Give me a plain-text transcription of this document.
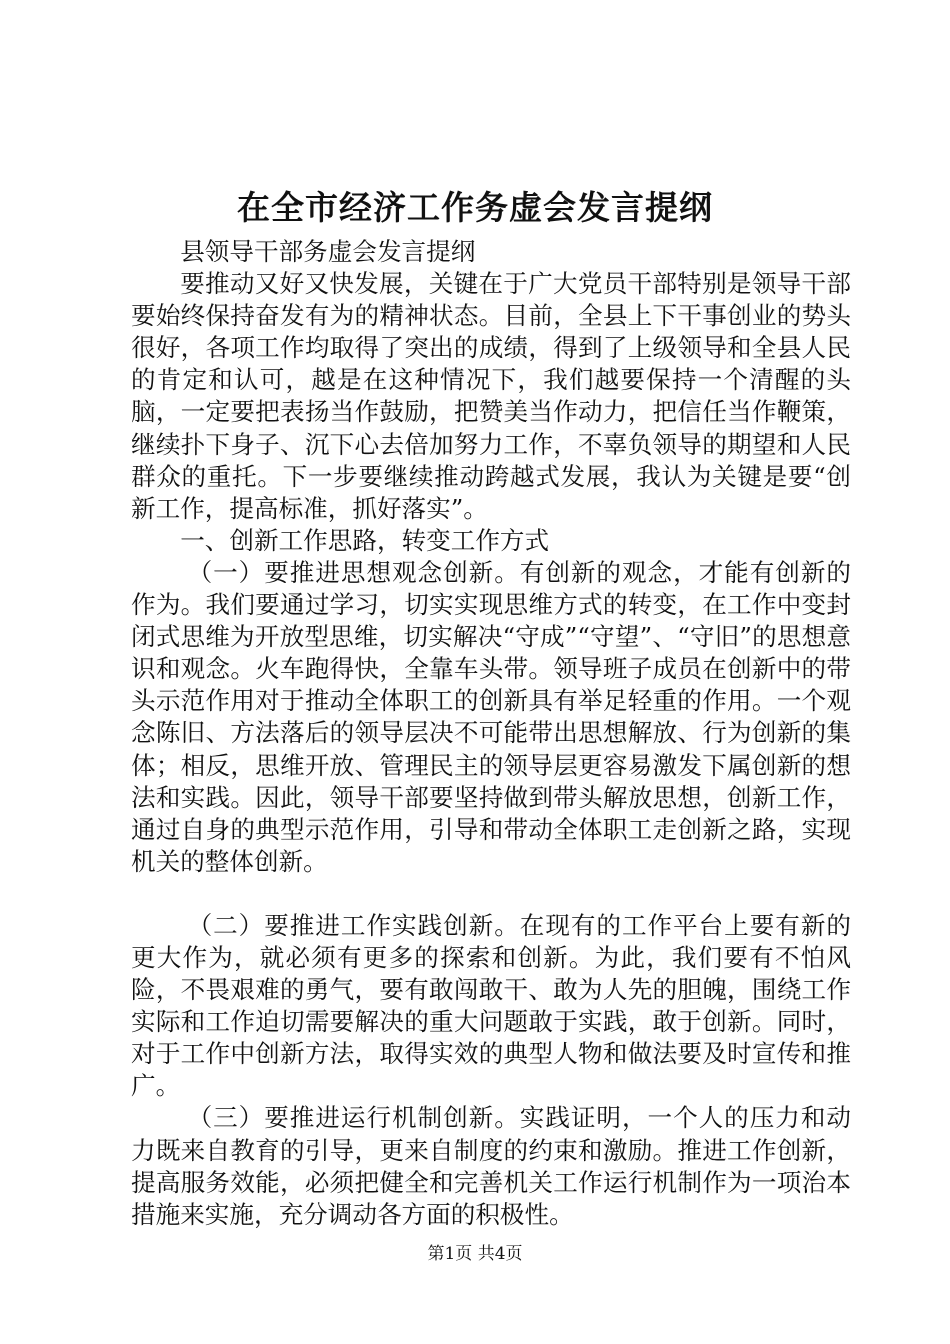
在全市经济工作务虚会发言提纲

县领导干部务虚会发言提纲

要推动又好又快发展，关键在于广大党员干部特别是领导干部要始终保持奋发有为的精神状态。目前，全县上下干事创业的势头很好，各项工作均取得了突出的成绩，得到了上级领导和全县人民的肯定和认可，越是在这种情况下，我们越要保持一个清醒的头脑，一定要把表扬当作鼓励，把赞美当作动力，把信任当作鞭策，继续扑下身子、沉下心去倍加努力工作，不辜负领导的期望和人民群众的重托。下一步要继续推动跨越式发展，我认为关键是要“创新工作，提高标准，抓好落实”。

一、创新工作思路，转变工作方式

（一）要推进思想观念创新。有创新的观念，才能有创新的作为。我们要通过学习，切实实现思维方式的转变，在工作中变封闭式思维为开放型思维，切实解决“守成”“守望”、“守旧”的思想意识和观念。火车跑得快，全靠车头带。领导班子成员在创新中的带头示范作用对于推动全体职工的创新具有举足轻重的作用。一个观念陈旧、方法落后的领导层决不可能带出思想解放、行为创新的集体；相反，思维开放、管理民主的领导层更容易激发下属创新的想法和实践。因此，领导干部要坚持做到带头解放思想，创新工作，通过自身的典型示范作用，引导和带动全体职工走创新之路，实现机关的整体创新。

（二）要推进工作实践创新。在现有的工作平台上要有新的更大作为，就必须有更多的探索和创新。为此，我们要有不怕风险，不畏艰难的勇气，要有敢闯敢干、敢为人先的胆魄，围绕工作实际和工作迫切需要解决的重大问题敢于实践，敢于创新。同时，对于工作中创新方法，取得实效的典型人物和做法要及时宣传和推广。

（三）要推进运行机制创新。实践证明，一个人的压力和动力既来自教育的引导，更来自制度的约束和激励。推进工作创新，提高服务效能，必须把健全和完善机关工作运行机制作为一项治本措施来实施，充分调动各方面的积极性。

第1页 共4页
